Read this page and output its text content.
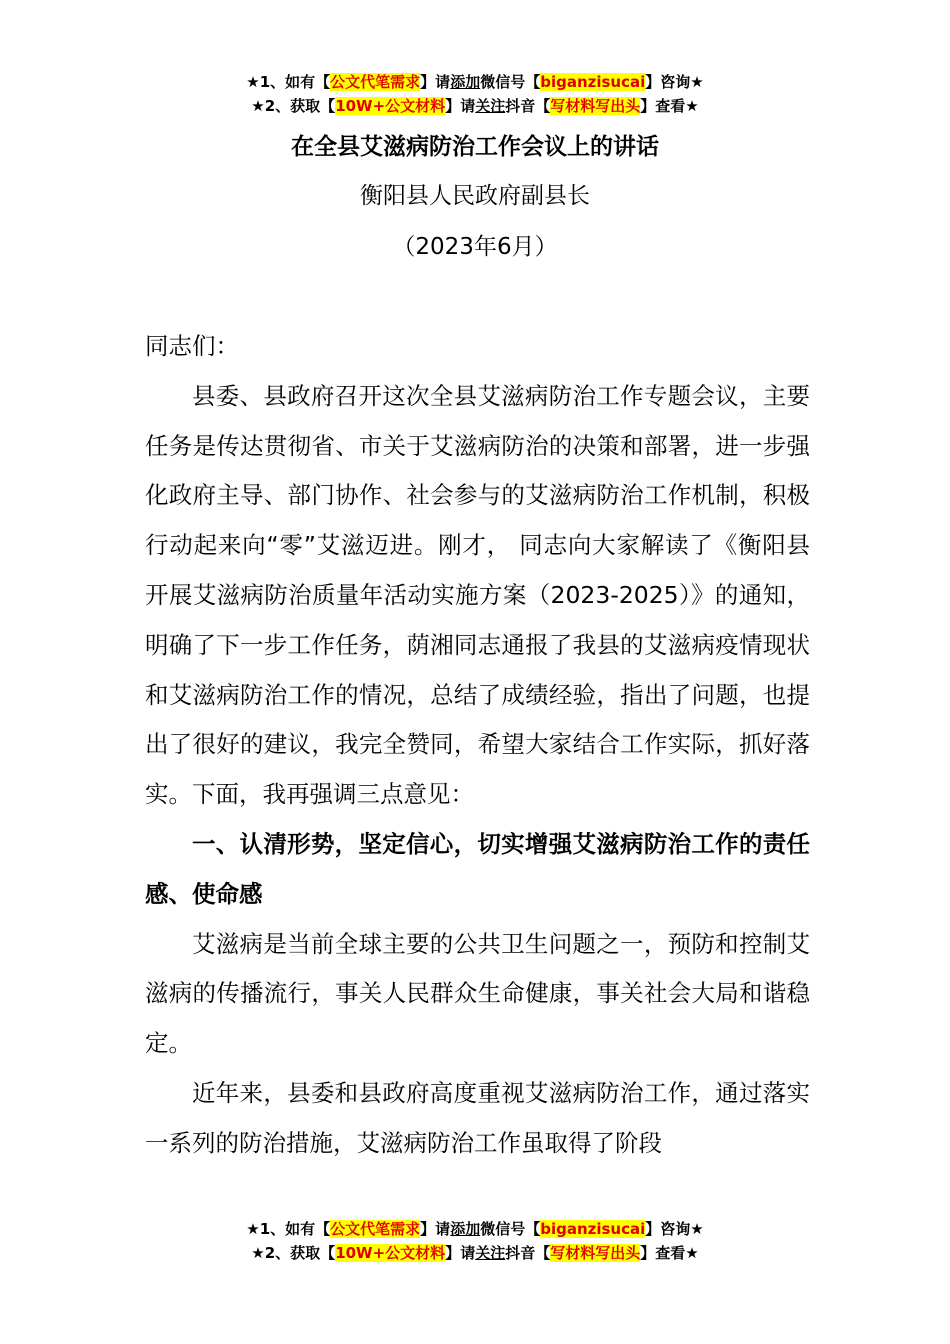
★1、如有【公文代笔需求】请添加微信号【biganzisucai】咨询★
★2、获取【10W+公文材料】请关注抖音【写材料写出头】查看★
在全县艾滋病防治工作会议上的讲话
衡阳县人民政府副县长
（2023年6月）

同志们：

县委、县政府召开这次全县艾滋病防治工作专题会议，主要任务是传达贯彻省、市关于艾滋病防治的决策和部署，进一步强化政府主导、部门协作、社会参与的艾滋病防治工作机制，积极行动起来向“零”艾滋迈进。刚才， 同志向大家解读了《衡阳县开展艾滋病防治质量年活动实施方案（2023-2025）》的通知，明确了下一步工作任务，荫湘同志通报了我县的艾滋病疫情现状和艾滋病防治工作的情况，总结了成绩经验，指出了问题，也提出了很好的建议，我完全赞同，希望大家结合工作实际，抓好落实。下面，我再强调三点意见：

一、认清形势，坚定信心，切实增强艾滋病防治工作的责任感、使命感

艾滋病是当前全球主要的公共卫生问题之一，预防和控制艾滋病的传播流行，事关人民群众生命健康，事关社会大局和谐稳定。

近年来，县委和县政府高度重视艾滋病防治工作，通过落实一系列的防治措施，艾滋病防治工作虽取得了阶段

★1、如有【公文代笔需求】请添加微信号【biganzisucai】咨询★
★2、获取【10W+公文材料】请关注抖音【写材料写出头】查看★
